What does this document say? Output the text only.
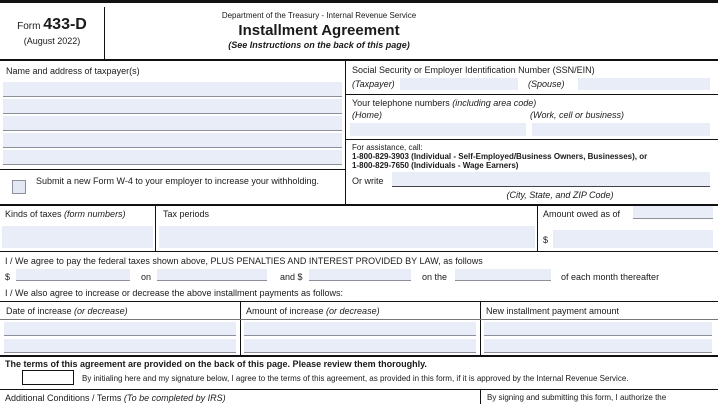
Form 433-D
(August 2022)
Department of the Treasury - Internal Revenue Service
Installment Agreement
(See Instructions on the back of this page)
Name and address of taxpayer(s)
Submit a new Form W-4 to your employer to increase your withholding.
Social Security or Employer Identification Number (SSN/EIN)
(Taxpayer)	(Spouse)
Your telephone numbers (including area code)
(Home)	(Work, cell or business)
For assistance, call:
1-800-829-3903 (Individual - Self-Employed/Business Owners, Businesses), or
1-800-829-7650 (Individuals - Wage Earners)
Or write
(City, State, and ZIP Code)
Kinds of taxes (form numbers)	Tax periods	Amount owed as of
$
I / We agree to pay the federal taxes shown above, PLUS PENALTIES AND INTEREST PROVIDED BY LAW, as follows
$	on	and $	on the	of each month thereafter
I / We also agree to increase or decrease the above installment payments as follows:
Date of increase (or decrease)	Amount of increase (or decrease)	New installment payment amount
The terms of this agreement are provided on the back of this page. Please review them thoroughly.
By initialing here and my signature below, I agree to the terms of this agreement, as provided in this form, if it is approved by the Internal Revenue Service.
Additional Conditions / Terms (To be completed by IRS)	By signing and submitting this form, I authorize the
